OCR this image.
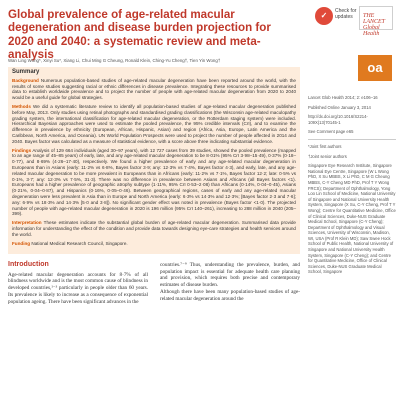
Global prevalence of age-related macular degeneration and disease burden projection for 2020 and 2040: a systematic review and meta-analysis
✓	Check for updates	THE LANCET Global Health
oa
Wan Ling Wong*, Xinyi Su*, Xiang Li, Chui Ming G Cheung, Ronald Klein, Ching-Yu Cheng†, Tien Yin Wong†

Summary

Background Numerous population-based studies of age-related macular degeneration have been reported around the world, with the results of some studies suggesting racial or ethnic differences in disease prevalence. Integrating these resources to provide summarised data to establish worldwide prevalence and to project the number of people with age-related macular degeneration from 2020 to 2040 would be a useful guide for global strategies.

Methods We did a systematic literature review to identify all population-based studies of age-related macular degeneration published before May, 2013. Only studies using retinal photographs and standardised grading classifications (the Wisconsin age-related maculopathy grading system, the international classification for age-related macular degeneration, or the Rotterdam staging system) were included. Hierarchical Bayesian approaches were used to estimate the pooled prevalence, the 95% credible intervals (CrI), and to examine the difference in prevalence by ethnicity (European, African, Hispanic, Asian) and region (Africa, Asia, Europe, Latin America and the Caribbean, North America, and Oceania). UN World Population Prospects were used to project the number of people affected in 2014 and 2040. Bayes factor was calculated as a measure of statistical evidence, with a score above three indicating substantial evidence.

Findings Analysis of 129 664 individuals (aged 30–97 years), with 12 727 cases from 39 studies, showed the pooled prevalence (mapped to an age range of 45–85 years) of early, late, and any age-related macular degeneration to be 8·01% (95% CrI 3·98–15·49), 0·37% (0·18–0·77), and 8·69% (4·26–17·40), respectively. We found a higher prevalence of early and any age-related macular degeneration in Europeans than in Asians (early: 11·2% vs 6·8%, Bayes factor 3·9; any: 12·3% vs 7·4%, Bayes factor 4·3), and early, late, and any age-related macular degeneration to be more prevalent in Europeans than in Africans (early: 11·2% vs 7·1%, Bayes factor 12·2; late: 0·5% vs 0·1%, 3·7; any: 12·3% vs 7·5%, 31·3). There was no difference in prevalence between Asians and Africans (all Bayes factors <1). Europeans had a higher prevalence of geographic atrophy subtype (1·11%, 95% CrI 0·53–2·08) than Africans (0·14%, 0·04–0·45), Asians (0·21%, 0·04–0·87), and Hispanics (0·16%, 0·05–0·46). Between geographical regions, cases of early and any age-related macular degeneration were less prevalent in Asia than in Europe and North America (early: 6·3% vs 14·3% and 12·3%; [Bayes factor 2·3 and 7·6]; any: 6·9% vs 18·3% and 14·3% [5·0 and 3·8]). No significant gender effect was noted in prevalence (Bayes factor <1·0). The projected number of people with age-related macular degeneration in 2020 is 196 million (95% CrI 140–261), increasing to 288 million in 2040 (205–399).

Interpretation These estimates indicate the substantial global burden of age-related macular degeneration. Summarised data provide information for understanding the effect of the condition and provide data towards designing eye-care strategies and health services around the world.

Funding National Medical Research Council, Singapore.

Introduction

Age-related macular degeneration accounts for 8·7% of all blindness worldwide and is the most common cause of blindness in developed countries,¹⁻³ particularly in people older than 60 years. Its prevalence is likely to increase as a consequence of exponential population ageing. There have been significant advances in the

countries.⁷⁻⁹ Thus, understanding the prevalence, burden, and population impact is essential for adequate health care planning and provision, which requires both precise and contemporary estimates of disease burden.
Although there have been many population-based studies of age-related macular degeneration around the

Lancet Glob Health 2014; 2: e106–16

Published Online January 3, 2014

http://dx.doi.org/10.1016/S2214-109X(13)70145-1

See Comment page e65

*Joint first authors

†Joint senior authors

Singapore Eye Research Institute, Singapore National Eye Centre, Singapore (W L Wong PhD, X Su MBBS, X Li PhD, C M G Cheung MBBS, C-Y Cheng MD PhD, Prof T Y Wong FRCS); Department of Ophthalmology, Yong Loo Lin School of Medicine, National University of Singapore and National University Health System, Singapore (X Su, C-Y Cheng, Prof T Y Wong); Centre for Quantitative Medicine, Office of Clinical Sciences, Duke-NUS Graduate Medical School, Singapore (C-Y Cheng); Department of Ophthalmology and Visual Sciences, University of Wisconsin, Madison, WI, USA (Prof R Klein MD); Saw Swee Hock School of Public Health, National University of Singapore and National University Health System, Singapore (C-Y Cheng); and Centre for Quantitative Medicine, Office of Clinical Sciences, Duke-NUS Graduate Medical School, Singapore
